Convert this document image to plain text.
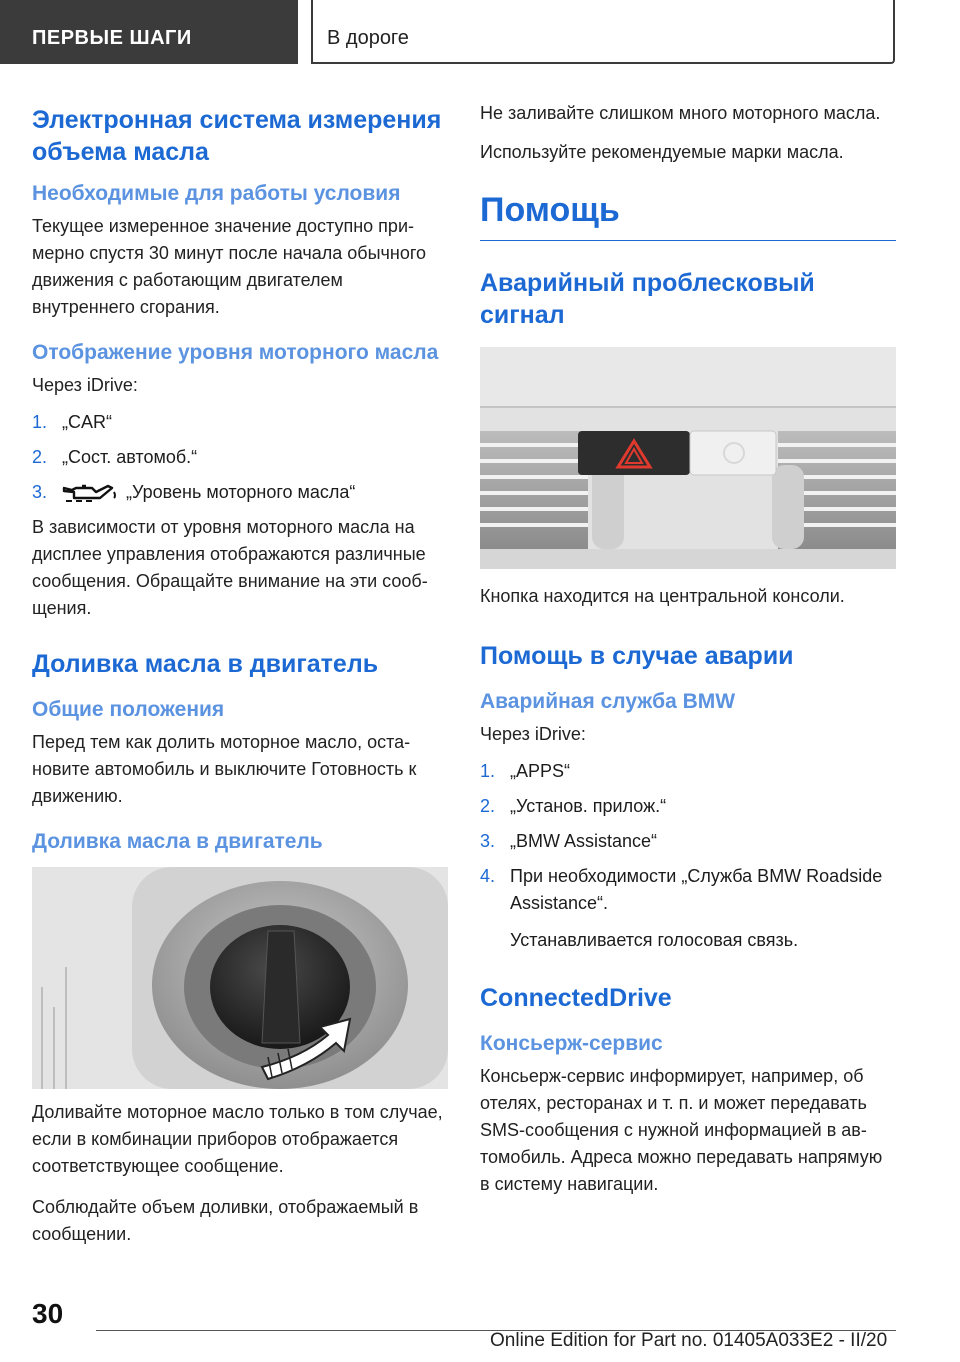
ПЕРВЫЕ ШАГИ	В дороге
Электронная система измерения объема масла
Необходимые для работы условия

Текущее измеренное значение доступно примерно спустя 30 минут после начала обычного движения с работающим двигателем внутреннего сгорания.

Отображение уровня моторного масла

Через iDrive:

1. „CAR“
2. „Сост. автомоб.“
3.	„Уровень моторного масла“

В зависимости от уровня моторного масла на дисплее управления отображаются различные сообщения. Обращайте внимание на эти сообщения.

Доливка масла в двигатель
Общие положения

Перед тем как долить моторное масло, остановите автомобиль и выключите Готовность к движению.

Доливка масла в двигатель

Доливайте моторное масло только в том случае, если в комбинации приборов отображается соответствующее сообщение.

Соблюдайте объем доливки, отображаемый в сообщении.

Не заливайте слишком много моторного масла.

Используйте рекомендуемые марки масла.

Помощь
Аварийный проблесковый сигнал

Кнопка находится на центральной консоли.

Помощь в случае аварии
Аварийная служба BMW

Через iDrive:

1. „APPS“
2. „Установ. прилож.“
3. „BMW Assistance“
4. При необходимости „Служба BMW Roadside Assistance“.
Устанавливается голосовая связь.
ConnectedDrive
Консьерж-сервис

Консьерж-сервис информирует, например, об отелях, ресторанах и т. п. и может передавать SMS-сообщения с нужной информацией в автомобиль. Адреса можно передавать напрямую в систему навигации.

30
Online Edition for Part no. 01405A033E2 - II/20
